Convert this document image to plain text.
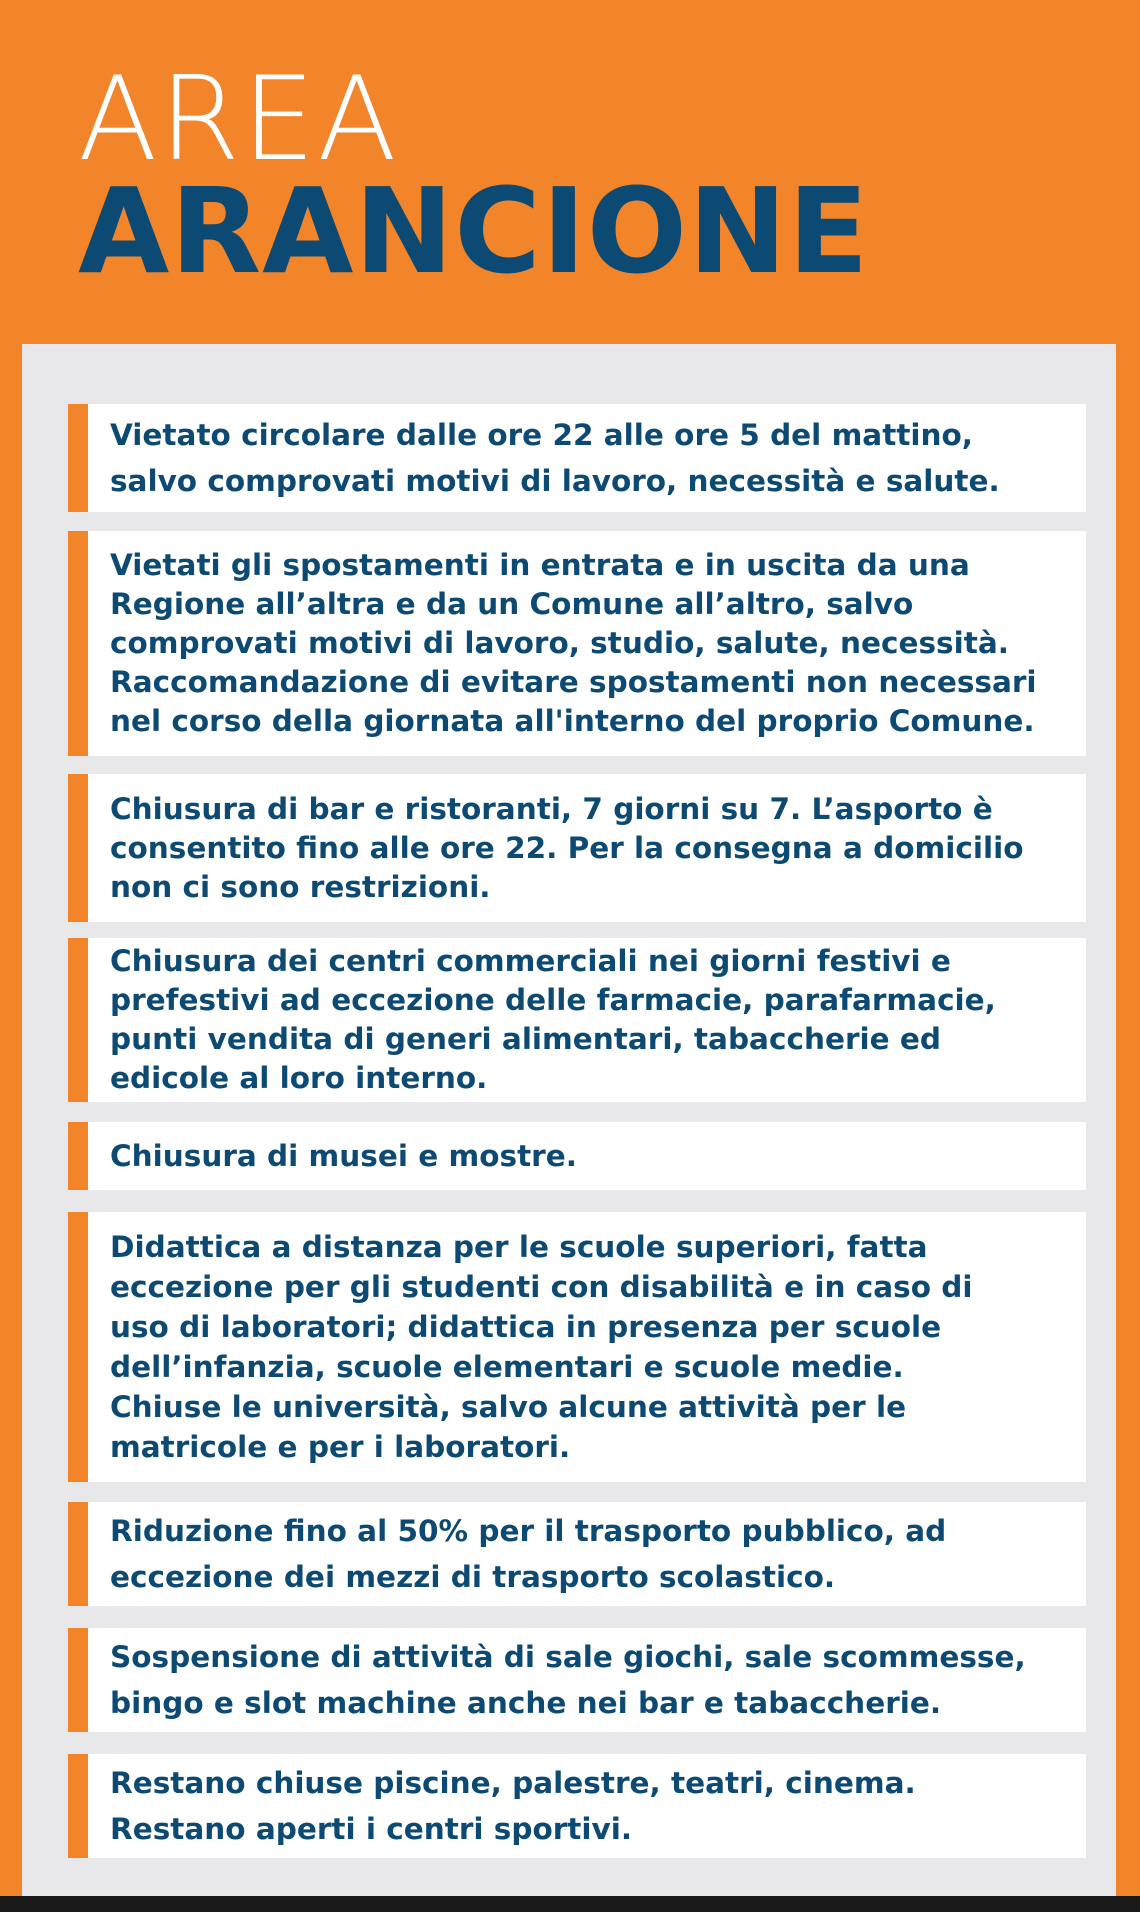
AREA
ARANCIONE

Vietato circolare dalle ore 22 alle ore 5 del mattino,
salvo comprovati motivi di lavoro, necessità e salute.

Vietati gli spostamenti in entrata e in uscita da una
Regione all’altra e da un Comune all’altro, salvo
comprovati motivi di lavoro, studio, salute, necessità.
Raccomandazione di evitare spostamenti non necessari
nel corso della giornata all'interno del proprio Comune.

Chiusura di bar e ristoranti, 7 giorni su 7. L’asporto è
consentito fino alle ore 22. Per la consegna a domicilio
non ci sono restrizioni.

Chiusura dei centri commerciali nei giorni festivi e
prefestivi ad eccezione delle farmacie, parafarmacie,
punti vendita di generi alimentari, tabaccherie ed
edicole al loro interno.

Chiusura di musei e mostre.

Didattica a distanza per le scuole superiori, fatta
eccezione per gli studenti con disabilità e in caso di
uso di laboratori; didattica in presenza per scuole
dell’infanzia, scuole elementari e scuole medie.
Chiuse le università, salvo alcune attività per le
matricole e per i laboratori.

Riduzione fino al 50% per il trasporto pubblico, ad
eccezione dei mezzi di trasporto scolastico.

Sospensione di attività di sale giochi, sale scommesse,
bingo e slot machine anche nei bar e tabaccherie.

Restano chiuse piscine, palestre, teatri, cinema.
Restano aperti i centri sportivi.
